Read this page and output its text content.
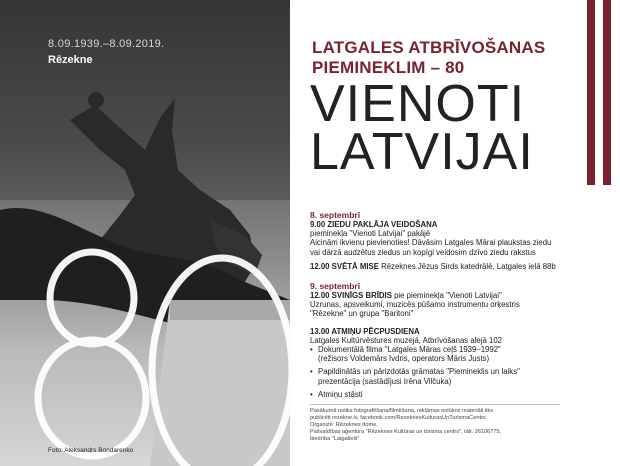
8.09.1939.–8.09.2019.
Rēzekne
Foto: Aleksandrs Bondarenko
LATGALES ATBRĪVOŠANAS
PIEMINEKLIM – 80
VIENOTI
LATVIJAI
8. septembrī

9.00 ZIEDU PAKLĀJA VEIDOŠANA

pieminekļa "Vienoti Latvijai" pakājē

Aicinām ikvienu pievienoties! Dāvāsim Latgales Mārai plaukstas ziedu

vai dārzā audzētus ziedus un kopīgi veidosim dzīvo ziedu rakstus

12.00 SVĒTĀ MISE Rēzeknes Jēzus Sirds katedrālē, Latgales ielā 88b

9. septembrī

12.00 SVINĪGS BRĪDIS pie pieminekļa "Vienoti Latvijai"

Uzrunas, apsveikumi, muzicēs pūšamo instrumentu orķestris

"Rēzekne" un grupa "Baritoni"

13.00 ATMIŅU PĒCPUSDIENA

Latgales Kultūrvēstures muzejā, Atbrīvošanas alejā 102

• Dokumentālā filma "Latgales Māras ceļš 1939–1992"
(režisors Voldemārs Ivdris, operators Māris Justs)
• Papildinātās un pārizdotās grāmatas "Piemineklis un laiks"
prezentācija (sastādījusi Irēna Vilčuka)
• Atmiņu stāsti
Pasākumā notiks fotografēšana/filmēšana, reklāmas nolūkos materiāli tiks
publicēti rezekne.lv, facebook.com/RezeknesKulturasUnTurismaCentrs
Organizē: Rēzeknes dome,
Pašvaldības aģentūra "Rēzeknes Kultūras un tūrisma centrs", tālr. 26106775,
biedrība "Latgalieši"
